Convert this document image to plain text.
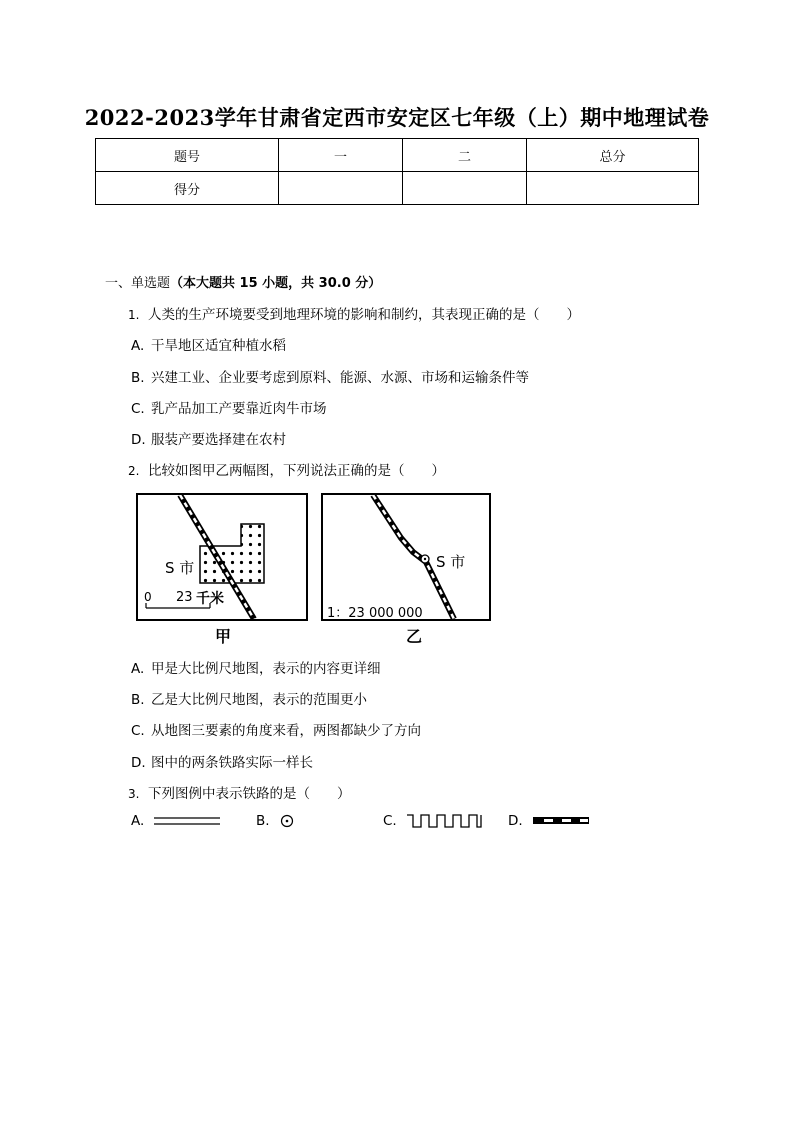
2022-2023学年甘肃省定西市安定区七年级（上）期中地理试卷
题号	一	二	总分
得分			
一、单选题（本大题共 15 小题，共 30.0 分）
1. 人类的生产环境要受到地理环境的影响和制约，其表现正确的是（　　）
A. 干旱地区适宜种植水稻
B. 兴建工业、企业要考虑到原料、能源、水源、市场和运输条件等
C. 乳产品加工产要靠近肉牛市场
D. 服装产要选择建在农村
2. 比较如图甲乙两幅图，下列说法正确的是（　　）
S 市
0 23 千米
甲
S 市
1：23 000 000
乙
A. 甲是大比例尺地图，表示的内容更详细
B. 乙是大比例尺地图，表示的范围更小
C. 从地图三要素的角度来看，两图都缺少了方向
D. 图中的两条铁路实际一样长
3. 下列图例中表示铁路的是（　　）
A.	B.	C.	D.
